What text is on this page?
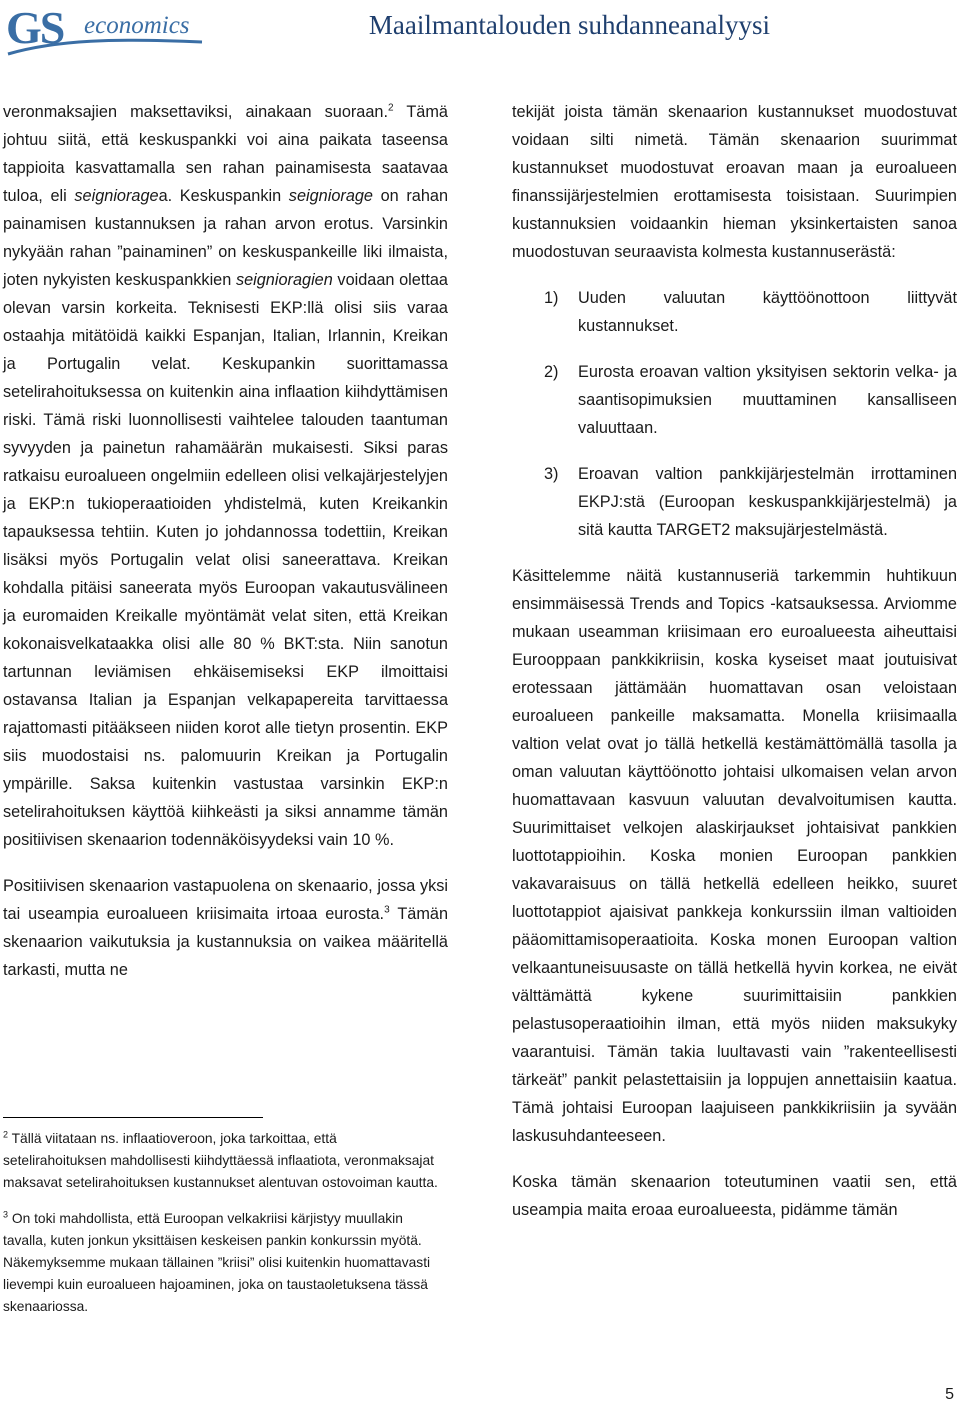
GS economics	Maailmantalouden suhdanneanalyysi

veronmaksajien maksettaviksi, ainakaan suoraan.$^2$ Tämä johtuu siitä, että keskuspankki voi aina paikata taseensa tappioita kasvattamalla sen rahan painamisesta saatavaa tuloa, eli seignioragea. Keskuspankin seigniorage on rahan painamisen kustannuksen ja rahan arvon erotus. Varsinkin nykyään rahan ”painaminen” on keskuspankeille liki ilmaista, joten nykyisten keskuspankkien seignioragien voidaan olettaa olevan varsin korkeita. Teknisesti EKP:llä olisi siis varaa ostaahja mitätöidä kaikki Espanjan, Italian, Irlannin, Kreikan ja Portugalin velat. Keskupankin suorittamassa setelirahoituksessa on kuitenkin aina inflaation kiihdyttämisen riski. Tämä riski luonnollisesti vaihtelee talouden taantuman syvyyden ja painetun rahamäärän mukaisesti. Siksi paras ratkaisu euroalueen ongelmiin edelleen olisi velkajärjestelyjen ja EKP:n tukioperaatioiden yhdistelmä, kuten Kreikankin tapauksessa tehtiin. Kuten jo johdannossa todettiin, Kreikan lisäksi myös Portugalin velat olisi saneerattava. Kreikan kohdalla pitäisi saneerata myös Euroopan vakautusvälineen ja euromaiden Kreikalle myöntämät velat siten, että Kreikan kokonaisvelkataakka olisi alle 80 % BKT:sta. Niin sanotun tartunnan leviämisen ehkäisemiseksi EKP ilmoittaisi ostavansa Italian ja Espanjan velkapapereita tarvittaessa rajattomasti pitääkseen niiden korot alle tietyn prosentin. EKP siis muodostaisi ns. palomuurin Kreikan ja Portugalin ympärille. Saksa kuitenkin vastustaa varsinkin EKP:n setelirahoituksen käyttöä kiihkeästi ja siksi annamme tämän positiivisen skenaarion todennäköisyydeksi vain 10 %.

Positiivisen skenaarion vastapuolena on skenaario, jossa yksi tai useampia euroalueen kriisimaita irtoaa eurosta.$^3$ Tämän skenaarion vaikutuksia ja kustannuksia on vaikea määritellä tarkasti, mutta ne

tekijät joista tämän skenaarion kustannukset muodostuvat voidaan silti nimetä. Tämän skenaarion suurimmat kustannukset muodostuvat eroavan maan ja euroalueen finanssijärjestelmien erottamisesta toisistaan. Suurimpien kustannuksien voidaankin hieman yksinkertaisten sanoa muodostuvan seuraavista kolmesta kustannuserästä:

1) Uuden valuutan käyttöönottoon liittyvät kustannukset.
2) Eurosta eroavan valtion yksityisen sektorin velka- ja saantisopimuksien muuttaminen kansalliseen valuuttaan.
3) Eroavan valtion pankkijärjestelmän irrottaminen EKPJ:stä (Euroopan keskuspankkijärjestelmä) ja sitä kautta TARGET2 maksujärjestelmästä.

Käsittelemme näitä kustannuseriä tarkemmin huhtikuun ensimmäisessä Trends and Topics -katsauksessa. Arviomme mukaan useamman kriisimaan ero euroalueesta aiheuttaisi Eurooppaan pankkikriisin, koska kyseiset maat joutuisivat erotessaan jättämään huomattavan osan veloistaan euroalueen pankeille maksamatta. Monella kriisimaalla valtion velat ovat jo tällä hetkellä kestämättömällä tasolla ja oman valuutan käyttöönotto johtaisi ulkomaisen velan arvon huomattavaan kasvuun valuutan devalvoitumisen kautta. Suurimittaiset velkojen alaskirjaukset johtaisivat pankkien luottotappioihin. Koska monien Euroopan pankkien vakavaraisuus on tällä hetkellä edelleen heikko, suuret luottotappiot ajaisivat pankkeja konkurssiin ilman valtioiden pääomittamisoperaatioita. Koska monen Euroopan valtion velkaantuneisuusaste on tällä hetkellä hyvin korkea, ne eivät välttämättä kykene suurimittaisiin pankkien pelastusoperaatioihin ilman, että myös niiden maksukyky vaarantuisi. Tämän takia luultavasti vain ”rakenteellisesti tärkeät” pankit pelastettaisiin ja loppujen annettaisiin kaatua. Tämä johtaisi Euroopan laajuiseen pankkikriisiin ja syvään laskusuhdanteeseen.

Koska tämän skenaarion toteutuminen vaatii sen, että useampia maita eroaa euroalueesta, pidämme tämän

$^2$ Tällä viitataan ns. inflaatioveroon, joka tarkoittaa, että setelirahoituksen mahdollisesti kiihdyttäessä inflaatiota, veronmaksajat maksavat setelirahoituksen kustannukset alentuvan ostovoiman kautta.
$^3$ On toki mahdollista, että Euroopan velkakriisi kärjistyy muullakin tavalla, kuten jonkun yksittäisen keskeisen pankin konkurssin myötä. Näkemyksemme mukaan tällainen ”kriisi” olisi kuitenkin huomattavasti lievempi kuin euroalueen hajoaminen, joka on taustaoletuksena tässä skenaariossa.
5
